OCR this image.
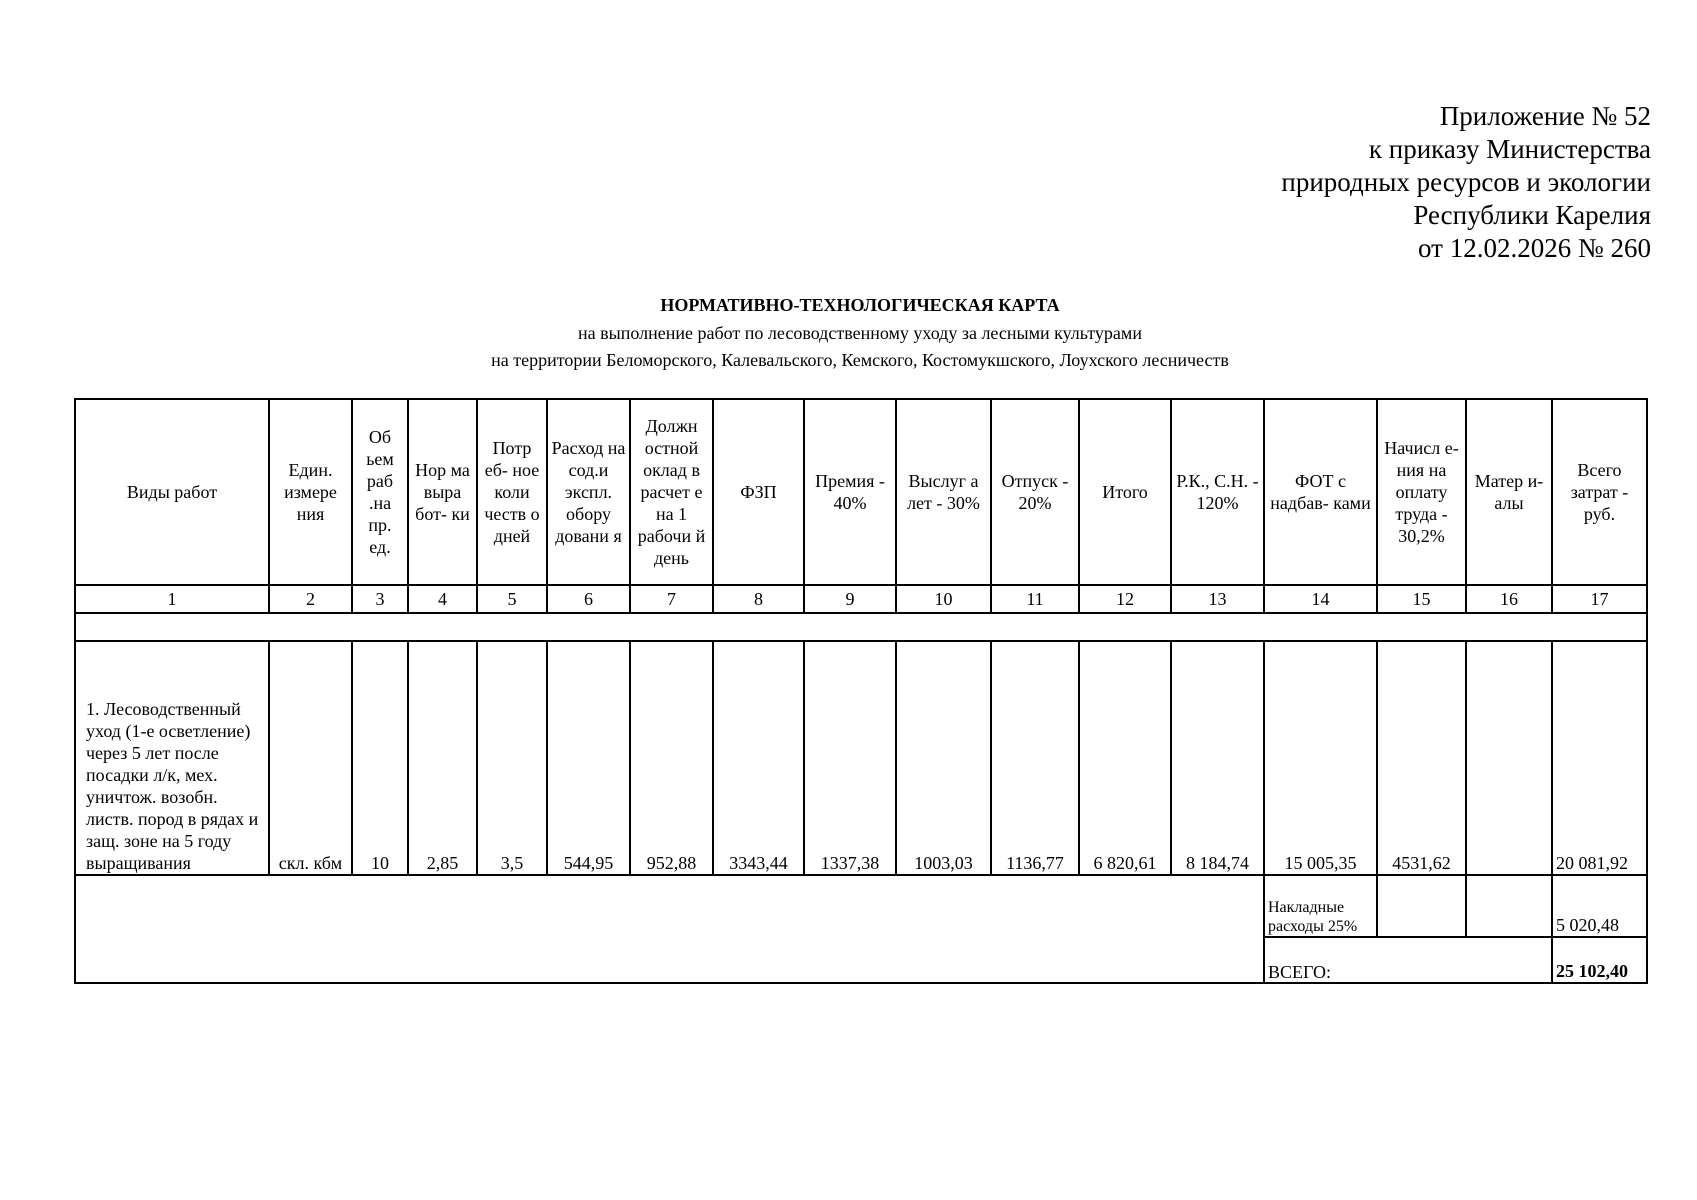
Приложение № 52
к приказу Министерства
природных ресурсов и экологии
Республики Карелия
от 12.02.2026 № 260
НОРМАТИВНО-ТЕХНОЛОГИЧЕСКАЯ КАРТА
на выполнение работ по лесоводственному уходу за лесными культурами
на территории Беломорского, Калевальского, Кемского, Костомукшского, Лоухского лесничеств
Виды работ	Един. измере ния	Об ьем раб .на пр. ед.	Нор ма выра бот- ки	Потр еб- ное коли честв о дней	Расход на сод.и экспл. обору довани я	Должн остной оклад в расчет е на 1 рабочи й день	ФЗП	Премия - 40%	Выслуг а лет - 30%	Отпуск - 20%	Итого	Р.К., С.Н. - 120%	ФОТ с надбав- ками	Начисл е-ния на оплату труда - 30,2%	Матер и-алы	Всего затрат - руб.
1	2	3	4	5	6	7	8	9	10	11	12	13	14	15	16	17

1. Лесоводственный уход (1-е осветление) через 5 лет после посадки л/к, мех. уничтож. возобн. листв. пород в рядах и защ. зоне на 5 году выращивания	скл. кбм	10	2,85	3,5	544,95	952,88	3343,44	1337,38	1003,03	1136,77	6 820,61	8 184,74	15 005,35	4531,62		20 081,92
													Накладные расходы 25%			5 020,48
													ВСЕГО:			25 102,40
